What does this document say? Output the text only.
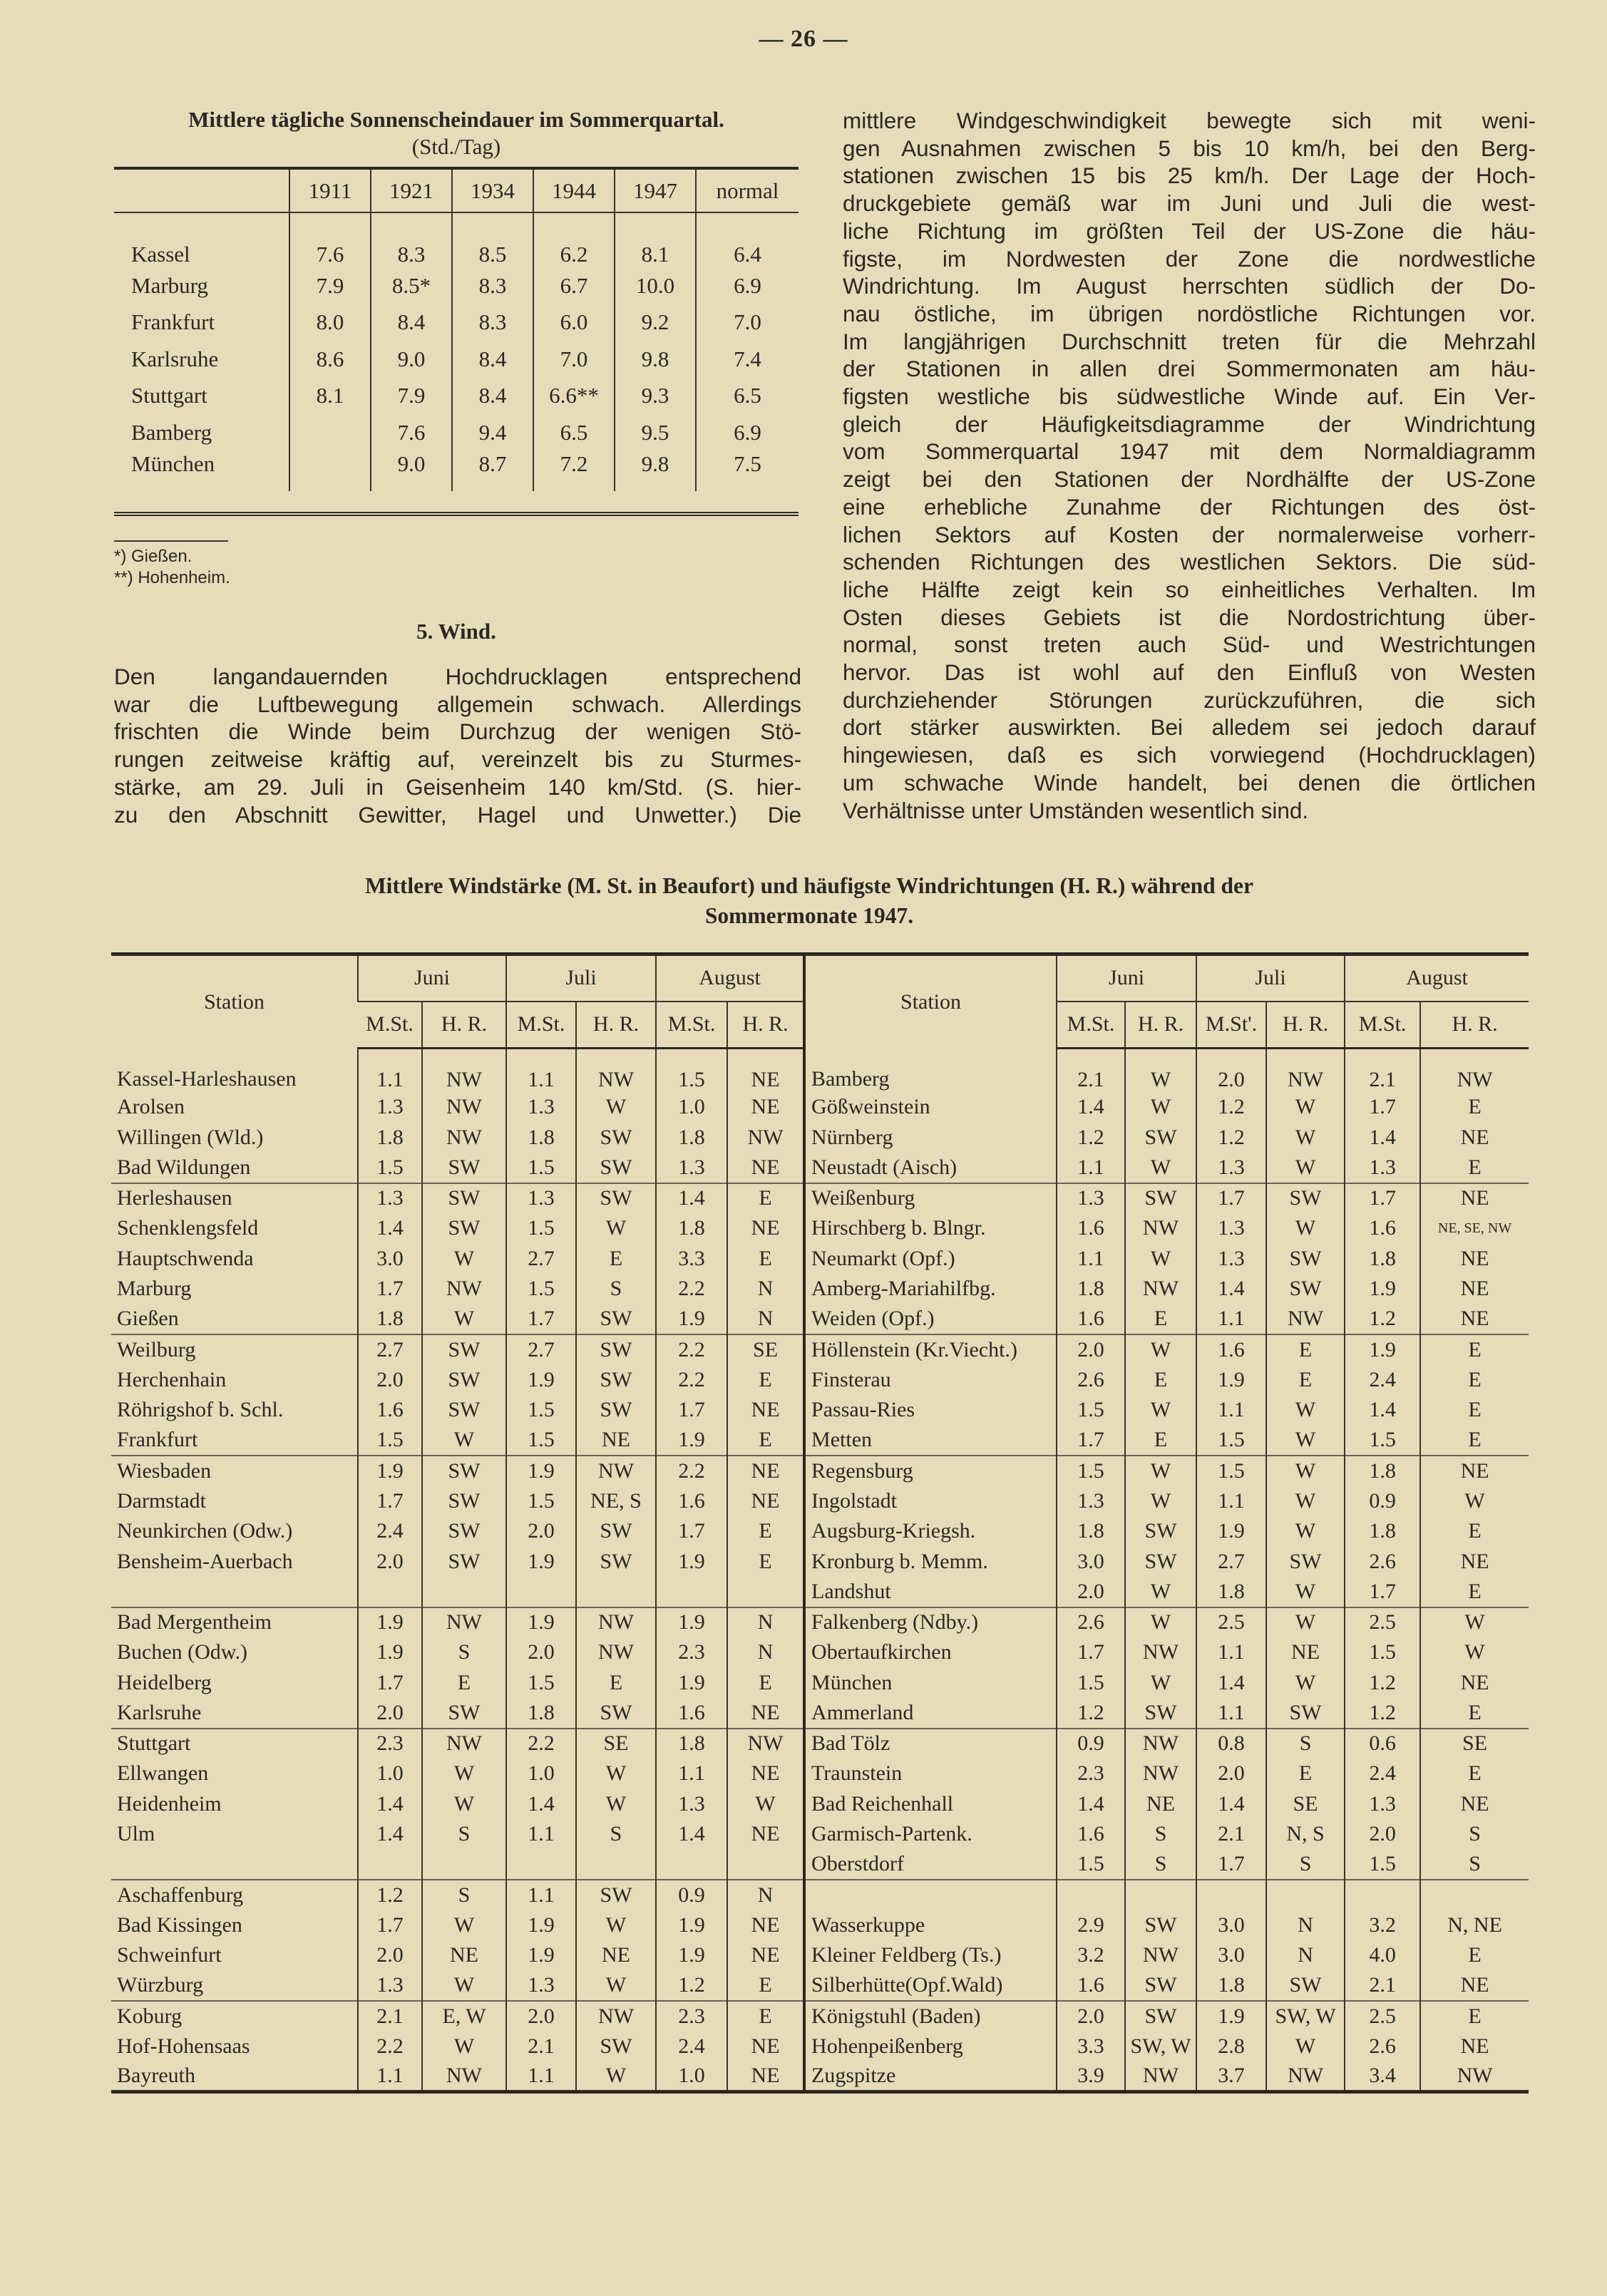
— 26 —
Mittlere tägliche Sonnenscheindauer im Sommerquartal.
(Std./Tag)
	1911	1921	1934	1944	1947	normal
Kassel	7.6	8.3	8.5	6.2	8.1	6.4
Marburg	7.9	8.5*	8.3	6.7	10.0	6.9
Frankfurt	8.0	8.4	8.3	6.0	9.2	7.0
Karlsruhe	8.6	9.0	8.4	7.0	9.8	7.4
Stuttgart	8.1	7.9	8.4	6.6**	9.3	6.5
Bamberg		7.6	9.4	6.5	9.5	6.9
München		9.0	8.7	7.2	9.8	7.5
*) Gießen.
**) Hohenheim.
5. Wind.
Den langandauernden Hochdrucklagen entsprechend
war die Luftbewegung allgemein schwach. Allerdings
frischten die Winde beim Durchzug der wenigen Stö-
rungen zeitweise kräftig auf, vereinzelt bis zu Sturmes-
stärke, am 29. Juli in Geisenheim 140 km/Std. (S. hier-
zu den Abschnitt Gewitter, Hagel und Unwetter.) Die
mittlere Windgeschwindigkeit bewegte sich mit weni-
gen Ausnahmen zwischen 5 bis 10 km/h, bei den Berg-
stationen zwischen 15 bis 25 km/h. Der Lage der Hoch-
druckgebiete gemäß war im Juni und Juli die west-
liche Richtung im größten Teil der US-Zone die häu-
figste, im Nordwesten der Zone die nordwestliche
Windrichtung. Im August herrschten südlich der Do-
nau östliche, im übrigen nordöstliche Richtungen vor.
Im langjährigen Durchschnitt treten für die Mehrzahl
der Stationen in allen drei Sommermonaten am häu-
figsten westliche bis südwestliche Winde auf. Ein Ver-
gleich der Häufigkeitsdiagramme der Windrichtung
vom Sommerquartal 1947 mit dem Normaldiagramm
zeigt bei den Stationen der Nordhälfte der US-Zone
eine erhebliche Zunahme der Richtungen des öst-
lichen Sektors auf Kosten der normalerweise vorherr-
schenden Richtungen des westlichen Sektors. Die süd-
liche Hälfte zeigt kein so einheitliches Verhalten. Im
Osten dieses Gebiets ist die Nordostrichtung über-
normal, sonst treten auch Süd- und Westrichtungen
hervor. Das ist wohl auf den Einfluß von Westen
durchziehender Störungen zurückzuführen, die sich
dort stärker auswirkten. Bei alledem sei jedoch darauf
hingewiesen, daß es sich vorwiegend (Hochdrucklagen)
um schwache Winde handelt, bei denen die örtlichen
Verhältnisse unter Umständen wesentlich sind.
Mittlere Windstärke (M. St. in Beaufort) und häufigste Windrichtungen (H. R.) während der
Sommermonate 1947.
Station	Juni		Juli		August		Station	Juni		Juli		August	
	M.St.	H. R.	M.St.	H. R.	M.St.	H. R.		M.St.	H. R.	M.St'.	H. R.	M.St.	H. R.
Kassel-Harleshausen	1.1	NW	1.1	NW	1.5	NE	Bamberg	2.1	W	2.0	NW	2.1	NW
Arolsen	1.3	NW	1.3	W	1.0	NE	Gößweinstein	1.4	W	1.2	W	1.7	E
Willingen (Wld.)	1.8	NW	1.8	SW	1.8	NW	Nürnberg	1.2	SW	1.2	W	1.4	NE
Bad Wildungen	1.5	SW	1.5	SW	1.3	NE	Neustadt (Aisch)	1.1	W	1.3	W	1.3	E
Herleshausen	1.3	SW	1.3	SW	1.4	E	Weißenburg	1.3	SW	1.7	SW	1.7	NE
Schenklengsfeld	1.4	SW	1.5	W	1.8	NE	Hirschberg b. Blngr.	1.6	NW	1.3	W	1.6	NE, SE, NW
Hauptschwenda	3.0	W	2.7	E	3.3	E	Neumarkt (Opf.)	1.1	W	1.3	SW	1.8	NE
Marburg	1.7	NW	1.5	S	2.2	N	Amberg-Mariahilfbg.	1.8	NW	1.4	SW	1.9	NE
Gießen	1.8	W	1.7	SW	1.9	N	Weiden (Opf.)	1.6	E	1.1	NW	1.2	NE
Weilburg	2.7	SW	2.7	SW	2.2	SE	Höllenstein (Kr.Viecht.)	2.0	W	1.6	E	1.9	E
Herchenhain	2.0	SW	1.9	SW	2.2	E	Finsterau	2.6	E	1.9	E	2.4	E
Röhrigshof b. Schl.	1.6	SW	1.5	SW	1.7	NE	Passau-Ries	1.5	W	1.1	W	1.4	E
Frankfurt	1.5	W	1.5	NE	1.9	E	Metten	1.7	E	1.5	W	1.5	E
Wiesbaden	1.9	SW	1.9	NW	2.2	NE	Regensburg	1.5	W	1.5	W	1.8	NE
Darmstadt	1.7	SW	1.5	NE, S	1.6	NE	Ingolstadt	1.3	W	1.1	W	0.9	W
Neunkirchen (Odw.)	2.4	SW	2.0	SW	1.7	E	Augsburg-Kriegsh.	1.8	SW	1.9	W	1.8	E
Bensheim-Auerbach	2.0	SW	1.9	SW	1.9	E	Kronburg b. Memm.	3.0	SW	2.7	SW	2.6	NE
							Landshut	2.0	W	1.8	W	1.7	E
Bad Mergentheim	1.9	NW	1.9	NW	1.9	N	Falkenberg (Ndby.)	2.6	W	2.5	W	2.5	W
Buchen (Odw.)	1.9	S	2.0	NW	2.3	N	Obertaufkirchen	1.7	NW	1.1	NE	1.5	W
Heidelberg	1.7	E	1.5	E	1.9	E	München	1.5	W	1.4	W	1.2	NE
Karlsruhe	2.0	SW	1.8	SW	1.6	NE	Ammerland	1.2	SW	1.1	SW	1.2	E
Stuttgart	2.3	NW	2.2	SE	1.8	NW	Bad Tölz	0.9	NW	0.8	S	0.6	SE
Ellwangen	1.0	W	1.0	W	1.1	NE	Traunstein	2.3	NW	2.0	E	2.4	E
Heidenheim	1.4	W	1.4	W	1.3	W	Bad Reichenhall	1.4	NE	1.4	SE	1.3	NE
Ulm	1.4	S	1.1	S	1.4	NE	Garmisch-Partenk.	1.6	S	2.1	N, S	2.0	S
							Oberstdorf	1.5	S	1.7	S	1.5	S
Aschaffenburg	1.2	S	1.1	SW	0.9	N							
Bad Kissingen	1.7	W	1.9	W	1.9	NE	Wasserkuppe	2.9	SW	3.0	N	3.2	N, NE
Schweinfurt	2.0	NE	1.9	NE	1.9	NE	Kleiner Feldberg (Ts.)	3.2	NW	3.0	N	4.0	E
Würzburg	1.3	W	1.3	W	1.2	E	Silberhütte(Opf.Wald)	1.6	SW	1.8	SW	2.1	NE
Koburg	2.1	E, W	2.0	NW	2.3	E	Königstuhl (Baden)	2.0	SW	1.9	SW, W	2.5	E
Hof-Hohensaas	2.2	W	2.1	SW	2.4	NE	Hohenpeißenberg	3.3	SW, W	2.8	W	2.6	NE
Bayreuth	1.1	NW	1.1	W	1.0	NE	Zugspitze	3.9	NW	3.7	NW	3.4	NW
